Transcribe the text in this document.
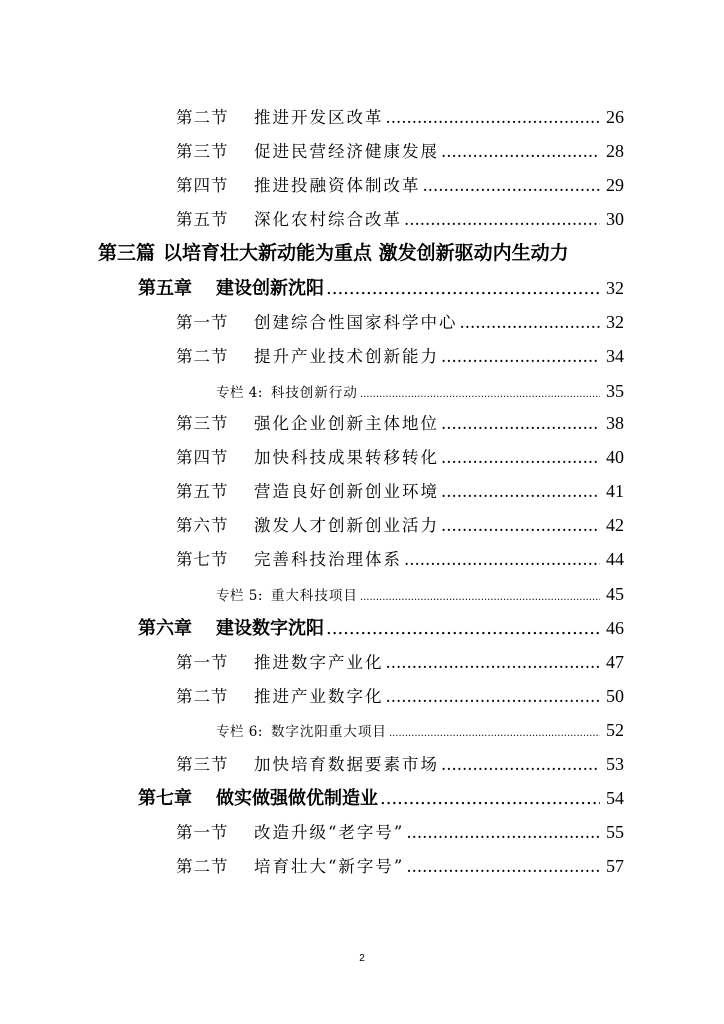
第二节	推进开发区改革 .....	26
第三节	促进民营经济健康发展 .....	28
第四节	推进投融资体制改革 .....	29
第五节	深化农村综合改革 .....	30
第三篇 以培育壮大新动能为重点 激发创新驱动内生动力
第五章	建设创新沈阳 .....	32
第一节	创建综合性国家科学中心 .....	32
第二节	提升产业技术创新能力 .....	34
专栏 4: 科技创新行动 .....	35
第三节	强化企业创新主体地位 .....	38
第四节	加快科技成果转移转化 .....	40
第五节	营造良好创新创业环境 .....	41
第六节	激发人才创新创业活力 .....	42
第七节	完善科技治理体系 .....	44
专栏 5: 重大科技项目 .....	45
第六章	建设数字沈阳 .....	46
第一节	推进数字产业化 .....	47
第二节	推进产业数字化 .....	50
专栏 6: 数字沈阳重大项目 .....	52
第三节	加快培育数据要素市场 .....	53
第七章	做实做强做优制造业 .....	54
第一节	改造升级“老字号” .....	55
第二节	培育壮大“新字号” .....	57
2
